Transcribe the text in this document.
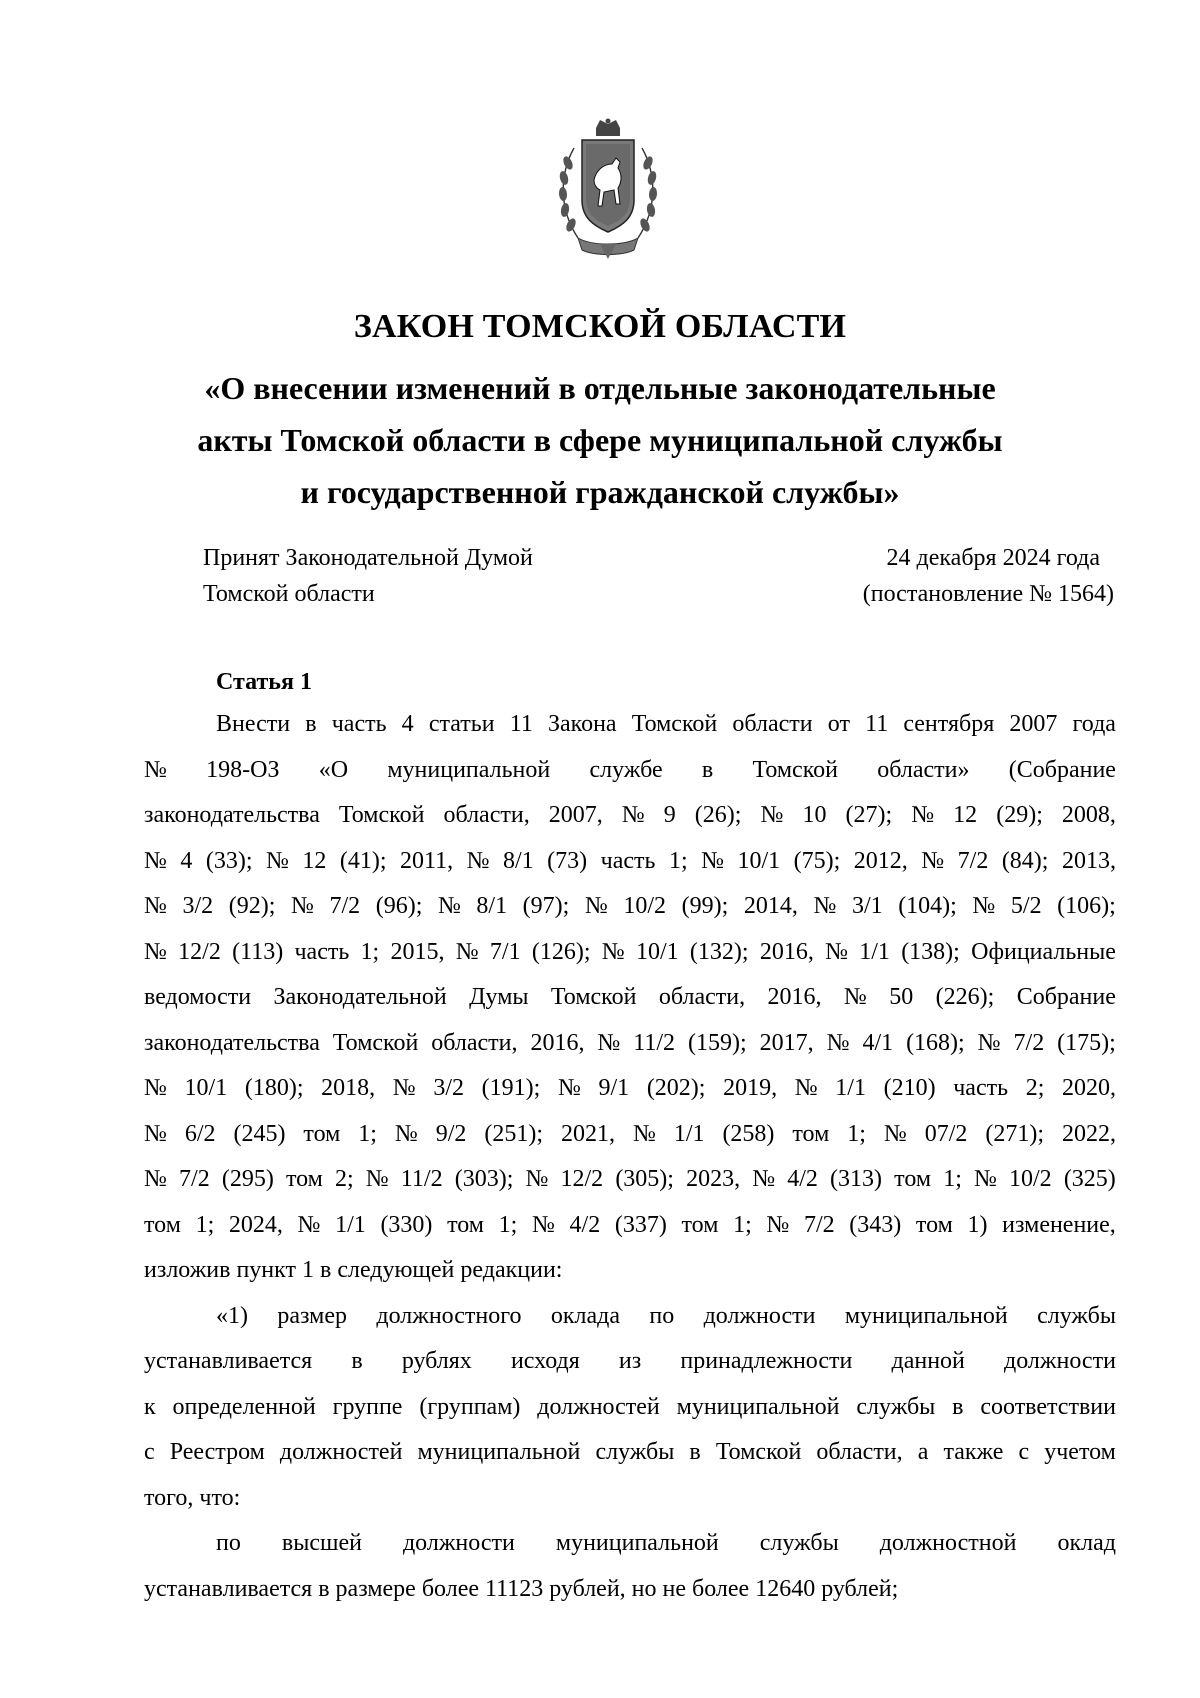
ЗАКОН ТОМСКОЙ ОБЛАСТИ
«О внесении изменений в отдельные законодательные
акты Томской области в сфере муниципальной службы
и государственной гражданской службы»
Принят Законодательной Думой
Томской области
24 декабря 2024 года
(постановление № 1564)
Статья 1
Внести в часть 4 статьи 11 Закона Томской области от 11 сентября 2007 года
№ 198-ОЗ «О муниципальной службе в Томской области» (Собрание
законодательства Томской области, 2007, № 9 (26); № 10 (27); № 12 (29); 2008,
№ 4 (33); № 12 (41); 2011, № 8/1 (73) часть 1; № 10/1 (75); 2012, № 7/2 (84); 2013,
№ 3/2 (92); № 7/2 (96); № 8/1 (97); № 10/2 (99); 2014, № 3/1 (104); № 5/2 (106);
№ 12/2 (113) часть 1; 2015, № 7/1 (126); № 10/1 (132); 2016, № 1/1 (138); Официальные
ведомости Законодательной Думы Томской области, 2016, № 50 (226); Собрание
законодательства Томской области, 2016, № 11/2 (159); 2017, № 4/1 (168); № 7/2 (175);
№ 10/1 (180); 2018, № 3/2 (191); № 9/1 (202); 2019, № 1/1 (210) часть 2; 2020,
№ 6/2 (245) том 1; № 9/2 (251); 2021, № 1/1 (258) том 1; № 07/2 (271); 2022,
№ 7/2 (295) том 2; № 11/2 (303); № 12/2 (305); 2023, № 4/2 (313) том 1; № 10/2 (325)
том 1; 2024, № 1/1 (330) том 1; № 4/2 (337) том 1; № 7/2 (343) том 1) изменение,
изложив пункт 1 в следующей редакции:
«1) размер должностного оклада по должности муниципальной службы
устанавливается в рублях исходя из принадлежности данной должности
к определенной группе (группам) должностей муниципальной службы в соответствии
с Реестром должностей муниципальной службы в Томской области, а также с учетом
того, что:
по высшей должности муниципальной службы должностной оклад
устанавливается в размере более 11123 рублей, но не более 12640 рублей;
